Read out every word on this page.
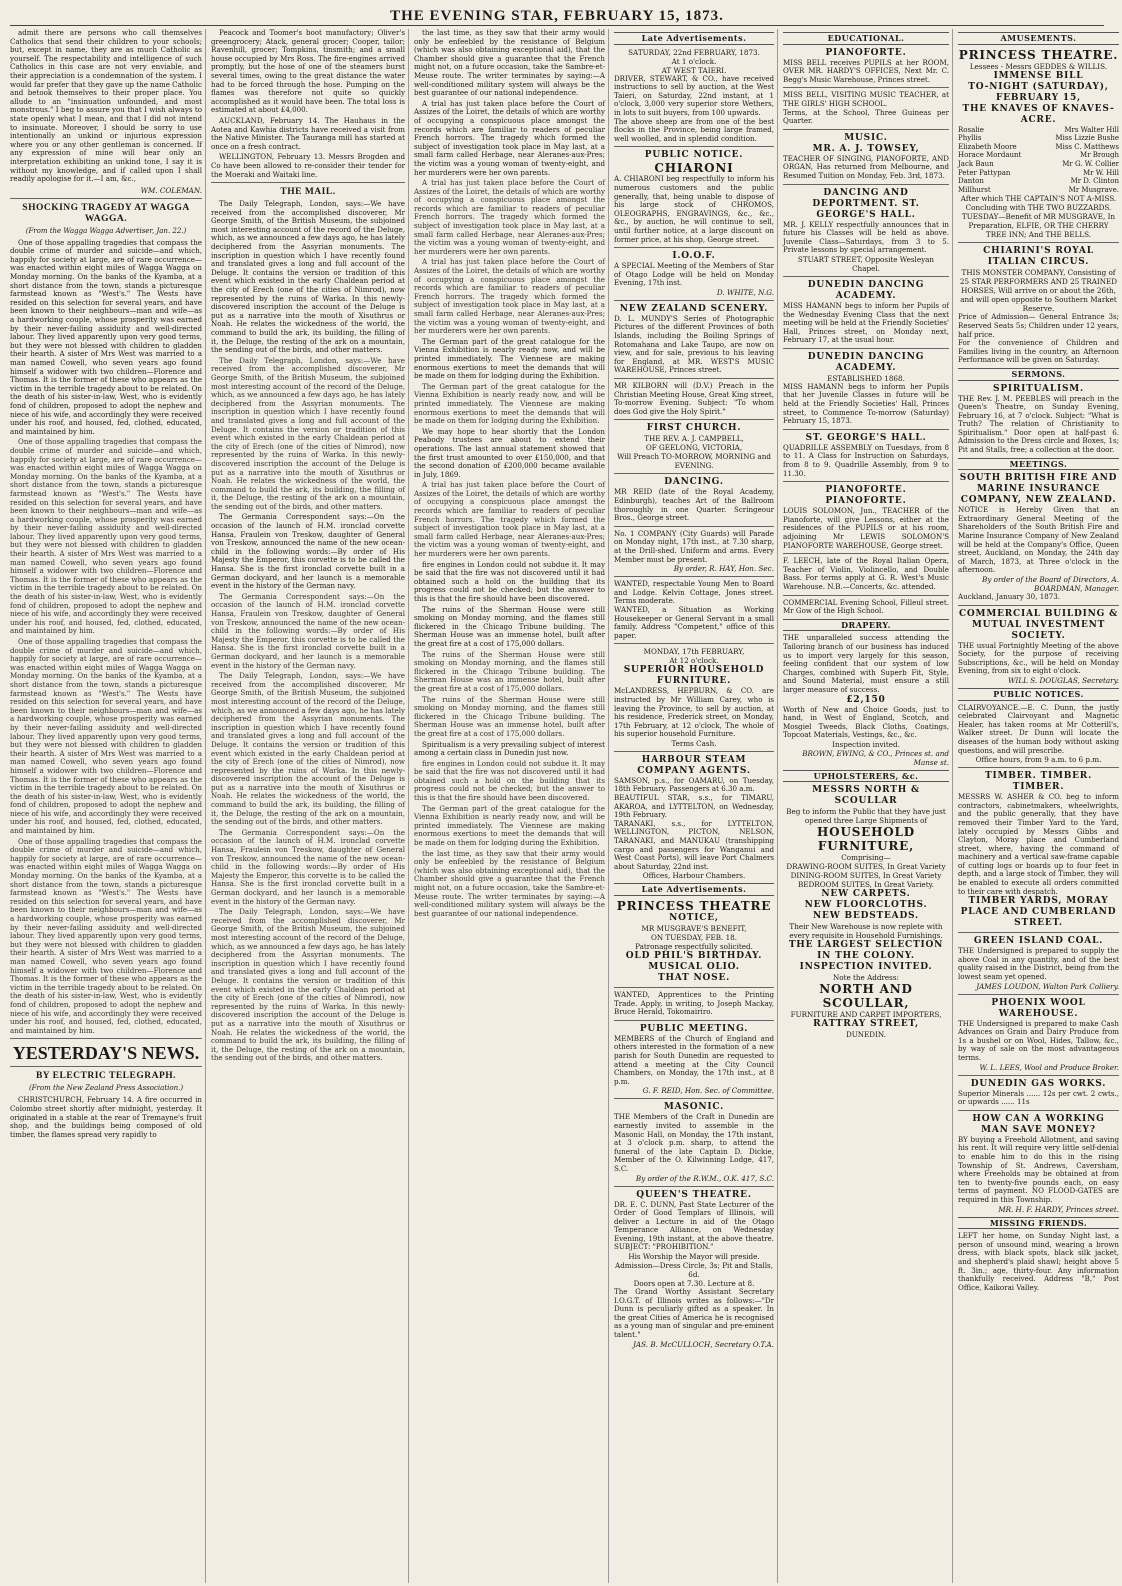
THE EVENING STAR, FEBRUARY 15, 1873.

admit there are persons who call themselves Catholics that send their children to your schools; but, except in name, they are as much Catholic as yourself. The respectability and intelligence of such Catholics in this case are not very enviable, and their appreciation is a condemnation of the system. I would far prefer that they gave up the name Catholic and betook themselves to their proper place. You allude to an "insinuation unfounded, and most monstrous." I beg to assure you that I wish always to state openly what I mean, and that I did not intend to insinuate. Moreover, I should be sorry to use intentionally an unkind or injurious expression where you or any other gentleman is concerned. If any expression of mine will bear only an interpretation exhibiting an unkind tone, I say it is without my knowledge, and if called upon I shall readily apologise for it.—I am, &c.,

WM. COLEMAN.
SHOCKING TRAGEDY AT WAGGA WAGGA.
(From the Wagga Wagga Advertiser, Jan. 22.)

One of those appalling tragedies that compass the double crime of murder and suicide—and which, happily for society at large, are of rare occurrence—was enacted within eight miles of Wagga Wagga on Monday morning. On the banks of the Kyamba, at a short distance from the town, stands a picturesque farmstead known as "West's." The Wests have resided on this selection for several years, and have been known to their neighbours—man and wife—as a hardworking couple, whose prosperity was earned by their never-failing assiduity and well-directed labour. They lived apparently upon very good terms, but they were not blessed with children to gladden their hearth. A sister of Mrs West was married to a man named Cowell, who seven years ago found himself a widower with two children—Florence and Thomas. It is the former of these who appears as the victim in the terrible tragedy about to be related. On the death of his sister-in-law, West, who is evidently fond of children, proposed to adopt the nephew and niece of his wife, and accordingly they were received under his roof, and housed, fed, clothed, educated, and maintained by him.

One of those appalling tragedies that compass the double crime of murder and suicide—and which, happily for society at large, are of rare occurrence—was enacted within eight miles of Wagga Wagga on Monday morning. On the banks of the Kyamba, at a short distance from the town, stands a picturesque farmstead known as "West's." The Wests have resided on this selection for several years, and have been known to their neighbours—man and wife—as a hardworking couple, whose prosperity was earned by their never-failing assiduity and well-directed labour. They lived apparently upon very good terms, but they were not blessed with children to gladden their hearth. A sister of Mrs West was married to a man named Cowell, who seven years ago found himself a widower with two children—Florence and Thomas. It is the former of these who appears as the victim in the terrible tragedy about to be related. On the death of his sister-in-law, West, who is evidently fond of children, proposed to adopt the nephew and niece of his wife, and accordingly they were received under his roof, and housed, fed, clothed, educated, and maintained by him.

One of those appalling tragedies that compass the double crime of murder and suicide—and which, happily for society at large, are of rare occurrence—was enacted within eight miles of Wagga Wagga on Monday morning. On the banks of the Kyamba, at a short distance from the town, stands a picturesque farmstead known as "West's." The Wests have resided on this selection for several years, and have been known to their neighbours—man and wife—as a hardworking couple, whose prosperity was earned by their never-failing assiduity and well-directed labour. They lived apparently upon very good terms, but they were not blessed with children to gladden their hearth. A sister of Mrs West was married to a man named Cowell, who seven years ago found himself a widower with two children—Florence and Thomas. It is the former of these who appears as the victim in the terrible tragedy about to be related. On the death of his sister-in-law, West, who is evidently fond of children, proposed to adopt the nephew and niece of his wife, and accordingly they were received under his roof, and housed, fed, clothed, educated, and maintained by him.

One of those appalling tragedies that compass the double crime of murder and suicide—and which, happily for society at large, are of rare occurrence—was enacted within eight miles of Wagga Wagga on Monday morning. On the banks of the Kyamba, at a short distance from the town, stands a picturesque farmstead known as "West's." The Wests have resided on this selection for several years, and have been known to their neighbours—man and wife—as a hardworking couple, whose prosperity was earned by their never-failing assiduity and well-directed labour. They lived apparently upon very good terms, but they were not blessed with children to gladden their hearth. A sister of Mrs West was married to a man named Cowell, who seven years ago found himself a widower with two children—Florence and Thomas. It is the former of these who appears as the victim in the terrible tragedy about to be related. On the death of his sister-in-law, West, who is evidently fond of children, proposed to adopt the nephew and niece of his wife, and accordingly they were received under his roof, and housed, fed, clothed, educated, and maintained by him.

YESTERDAY'S NEWS.
BY ELECTRIC TELEGRAPH.
(From the New Zealand Press Association.)

CHRISTCHURCH, February 14. A fire occurred in Colombo street shortly after midnight, yesterday. It originated in a stable at the rear of Tremayne's fruit shop, and the buildings being composed of old timber, the flames spread very rapidly to

Peacock and Toomer's boot manufactory; Oliver's greengrocery; Atack, general grocer; Cooper, tailor; Ravenhill, grocer; Tompkins, tinsmith; and a small house occupied by Mrs Ross. The fire-engines arrived promptly, but the hose of one of the steamers burst several times, owing to the great distance the water had to be forced through the hose. Pumping on the flames was therefore not quite so quickly accomplished as it would have been. The total loss is estimated at about £4,000.

AUCKLAND, February 14. The Hauhaus in the Aotea and Kawhia districts have received a visit from the Native Minister. The Tauranga mill has started at once on a fresh contract.

WELLINGTON, February 13. Messrs Brogden and Co have been allowed to re-consider their tender for the Moeraki and Waitaki line.

THE MAIL.

The Daily Telegraph, London, says:—We have received from the accomplished discoverer, Mr George Smith, of the British Museum, the subjoined most interesting account of the record of the Deluge, which, as we announced a few days ago, he has lately deciphered from the Assyrian monuments. The inscription in question which I have recently found and translated gives a long and full account of the Deluge. It contains the version or tradition of this event which existed in the early Chaldean period at the city of Erech (one of the cities of Nimrod), now represented by the ruins of Warka. In this newly-discovered inscription the account of the Deluge is put as a narrative into the mouth of Xisuthrus or Noah. He relates the wickedness of the world, the command to build the ark, its building, the filling of it, the Deluge, the resting of the ark on a mountain, the sending out of the birds, and other matters.

The Daily Telegraph, London, says:—We have received from the accomplished discoverer, Mr George Smith, of the British Museum, the subjoined most interesting account of the record of the Deluge, which, as we announced a few days ago, he has lately deciphered from the Assyrian monuments. The inscription in question which I have recently found and translated gives a long and full account of the Deluge. It contains the version or tradition of this event which existed in the early Chaldean period at the city of Erech (one of the cities of Nimrod), now represented by the ruins of Warka. In this newly-discovered inscription the account of the Deluge is put as a narrative into the mouth of Xisuthrus or Noah. He relates the wickedness of the world, the command to build the ark, its building, the filling of it, the Deluge, the resting of the ark on a mountain, the sending out of the birds, and other matters.

The Germania Correspondent says:—On the occasion of the launch of H.M. ironclad corvette Hansa, Fraulein von Treskow, daughter of General von Treskow, announced the name of the new ocean-child in the following words:—By order of His Majesty the Emperor, this corvette is to be called the Hansa. She is the first ironclad corvette built in a German dockyard, and her launch is a memorable event in the history of the German navy.

The Germania Correspondent says:—On the occasion of the launch of H.M. ironclad corvette Hansa, Fraulein von Treskow, daughter of General von Treskow, announced the name of the new ocean-child in the following words:—By order of His Majesty the Emperor, this corvette is to be called the Hansa. She is the first ironclad corvette built in a German dockyard, and her launch is a memorable event in the history of the German navy.

The Daily Telegraph, London, says:—We have received from the accomplished discoverer, Mr George Smith, of the British Museum, the subjoined most interesting account of the record of the Deluge, which, as we announced a few days ago, he has lately deciphered from the Assyrian monuments. The inscription in question which I have recently found and translated gives a long and full account of the Deluge. It contains the version or tradition of this event which existed in the early Chaldean period at the city of Erech (one of the cities of Nimrod), now represented by the ruins of Warka. In this newly-discovered inscription the account of the Deluge is put as a narrative into the mouth of Xisuthrus or Noah. He relates the wickedness of the world, the command to build the ark, its building, the filling of it, the Deluge, the resting of the ark on a mountain, the sending out of the birds, and other matters.

The Germania Correspondent says:—On the occasion of the launch of H.M. ironclad corvette Hansa, Fraulein von Treskow, daughter of General von Treskow, announced the name of the new ocean-child in the following words:—By order of His Majesty the Emperor, this corvette is to be called the Hansa. She is the first ironclad corvette built in a German dockyard, and her launch is a memorable event in the history of the German navy.

The Daily Telegraph, London, says:—We have received from the accomplished discoverer, Mr George Smith, of the British Museum, the subjoined most interesting account of the record of the Deluge, which, as we announced a few days ago, he has lately deciphered from the Assyrian monuments. The inscription in question which I have recently found and translated gives a long and full account of the Deluge. It contains the version or tradition of this event which existed in the early Chaldean period at the city of Erech (one of the cities of Nimrod), now represented by the ruins of Warka. In this newly-discovered inscription the account of the Deluge is put as a narrative into the mouth of Xisuthrus or Noah. He relates the wickedness of the world, the command to build the ark, its building, the filling of it, the Deluge, the resting of the ark on a mountain, the sending out of the birds, and other matters.

the last time, as they saw that their army would only be enfeebled by the resistance of Belgium (which was also obtaining exceptional aid), that the Chamber should give a guarantee that the French might not, on a future occasion, take the Sambre-et-Meuse route. The writer terminates by saying:—A well-conditioned military system will always be the best guarantee of our national independence.

A trial has just taken place before the Court of Assizes of the Loiret, the details of which are worthy of occupying a conspicuous place amongst the records which are familiar to readers of peculiar French horrors. The tragedy which formed the subject of investigation took place in May last, at a small farm called Herbage, near Aleranes-aux-Pres; the victim was a young woman of twenty-eight, and her murderers were her own parents.

A trial has just taken place before the Court of Assizes of the Loiret, the details of which are worthy of occupying a conspicuous place amongst the records which are familiar to readers of peculiar French horrors. The tragedy which formed the subject of investigation took place in May last, at a small farm called Herbage, near Aleranes-aux-Pres; the victim was a young woman of twenty-eight, and her murderers were her own parents.

A trial has just taken place before the Court of Assizes of the Loiret, the details of which are worthy of occupying a conspicuous place amongst the records which are familiar to readers of peculiar French horrors. The tragedy which formed the subject of investigation took place in May last, at a small farm called Herbage, near Aleranes-aux-Pres; the victim was a young woman of twenty-eight, and her murderers were her own parents.

The German part of the great catalogue for the Vienna Exhibition is nearly ready now, and will be printed immediately. The Viennese are making enormous exertions to meet the demands that will be made on them for lodging during the Exhibition.

The German part of the great catalogue for the Vienna Exhibition is nearly ready now, and will be printed immediately. The Viennese are making enormous exertions to meet the demands that will be made on them for lodging during the Exhibition.

We may hope to hear shortly that the London Peabody trustees are about to extend their operations. The last annual statement showed that the first trust amounted to over £150,000, and that the second donation of £200,000 became available in July, 1869.

A trial has just taken place before the Court of Assizes of the Loiret, the details of which are worthy of occupying a conspicuous place amongst the records which are familiar to readers of peculiar French horrors. The tragedy which formed the subject of investigation took place in May last, at a small farm called Herbage, near Aleranes-aux-Pres; the victim was a young woman of twenty-eight, and her murderers were her own parents.

fire engines in London could not subdue it. It may be said that the fire was not discovered until it had obtained such a hold on the building that its progress could not be checked; but the answer to this is that the fire should have been discovered.

The ruins of the Sherman House were still smoking on Monday morning, and the flames still flickered in the Chicago Tribune building. The Sherman House was an immense hotel, built after the great fire at a cost of 175,000 dollars.

The ruins of the Sherman House were still smoking on Monday morning, and the flames still flickered in the Chicago Tribune building. The Sherman House was an immense hotel, built after the great fire at a cost of 175,000 dollars.

The ruins of the Sherman House were still smoking on Monday morning, and the flames still flickered in the Chicago Tribune building. The Sherman House was an immense hotel, built after the great fire at a cost of 175,000 dollars.

Spiritualism is a very prevailing subject of interest among a certain class in Dunedin just now.

fire engines in London could not subdue it. It may be said that the fire was not discovered until it had obtained such a hold on the building that its progress could not be checked; but the answer to this is that the fire should have been discovered.

The German part of the great catalogue for the Vienna Exhibition is nearly ready now, and will be printed immediately. The Viennese are making enormous exertions to meet the demands that will be made on them for lodging during the Exhibition.

the last time, as they saw that their army would only be enfeebled by the resistance of Belgium (which was also obtaining exceptional aid), that the Chamber should give a guarantee that the French might not, on a future occasion, take the Sambre-et-Meuse route. The writer terminates by saying:—A well-conditioned military system will always be the best guarantee of our national independence.

Late Advertisements.
SATURDAY, 22nd FEBRUARY, 1873.
At 1 o'clock.
AT WEST TAIERI.
DRIVER, STEWART, & CO., have received instructions to sell by auction, at the West Taieri, on Saturday, 22nd instant, at 1 o'clock, 3,000 very superior store Wethers, in lots to suit buyers, from 100 upwards.
The above sheep are from one of the best flocks in the Province, being large framed, well woolled, and in splendid condition.
PUBLIC NOTICE.
CHIARONI
A. CHIARONI beg respectfully to inform his numerous customers and the public generally, that, being unable to dispose of his large stock of CHROMOS, OLEOGRAPHS, ENGRAVINGS, &c., &c., &c., by auction, he will continue to sell, until further notice, at a large discount on former price, at his shop, George street.
I.O.O.F.
A SPECIAL Meeting of the Members of Star of Otago Lodge will be held on Monday Evening, 17th inst.
D. WHITE, N.G.
NEW ZEALAND SCENERY.
D. L. MUNDY'S Series of Photographic Pictures of the different Provinces of both Islands, including the Boiling Springs of Rotomahana and Lake Taupo, are now on view, and for sale, previous to his leaving for England, at MR. WEST'S MUSIC WAREHOUSE, Princes street.
MR KILBORN will (D.V.) Preach in the Christian Meeting House, Great King street, To-morrow Evening. Subject: "To whom does God give the Holy Spirit."
FIRST CHURCH.
THE REV. A. J. CAMPBELL,
OF GEELONG, VICTORIA,
Will Preach TO-MORROW, MORNING and EVENING.
DANCING.
MR REID (late of the Royal Academy, Edinburgh), teaches Art of the Ballroom thoroughly in one Quarter. Scringeour Bros., George street.
No. 1 COMPANY (City Guards) will Parade on Monday night, 17th inst., at 7.30 sharp, at the Drill-shed. Uniform and arms. Every Member must be present.
By order, R. HAY, Hon. Sec.
WANTED, respectable Young Men to Board and Lodge. Kelvin Cottage, Jones street. Terms moderate.
WANTED, a Situation as Working Housekeeper or General Servant in a small family. Address "Competent," office of this paper.
MONDAY, 17th FEBRUARY,
At 12 o'clock.
SUPERIOR HOUSEHOLD FURNITURE.
McLANDRESS, HEPBURN, & CO. are instructed by Mr William Carey, who is leaving the Province, to sell by auction, at his residence, Frederick street, on Monday, 17th February, at 12 o'clock, The whole of his superior household Furniture.
Terms Cash.
HARBOUR STEAM COMPANY AGENTS.
SAMSON, p.s., for OAMARU, on Tuesday, 18th February. Passengers at 6.30 a.m.
BEAUTIFUL STAR, s.s., for TIMARU, AKAROA, and LYTTELTON, on Wednesday, 19th February.
TARANAKI, s.s., for LYTTELTON, WELLINGTON, PICTON, NELSON, TARANAKI, and MANUKAU (transhipping cargo and passengers for Wanganui and West Coast Ports), will leave Port Chalmers about Saturday, 22nd inst.
Offices, Harbour Chambers.
Late Advertisements.
PRINCESS THEATRE
NOTICE,
MR MUSGRAVE'S BENEFIT,
ON TUESDAY, FEB. 18.
Patronage respectfully solicited.
OLD PHIL'S BIRTHDAY.
MUSICAL OLIO.
THAT NOSE.
WANTED, Apprentices to the Printing Trade. Apply, in writing, to Joseph Mackay, Bruce Herald, Tokomairiro.
PUBLIC MEETING.
MEMBERS of the Church of England and others interested in the formation of a new parish for South Dunedin are requested to attend a meeting at the City Council Chambers, on Monday, the 17th inst., at 8 p.m.
G. F. REID, Hon. Sec. of Committee.
MASONIC.
THE Members of the Craft in Dunedin are earnestly invited to assemble in the Masonic Hall, on Monday, the 17th instant, at 3 o'clock p.m. sharp, to attend the funeral of the late Captain D. Dickie, Member of the O. Kilwinning Lodge, 417, S.C.
By order of the R.W.M., O.K. 417, S.C.
QUEEN'S THEATRE.
DR. E. C. DUNN, Past State Lecturer of the Order of Good Templars of Illinois, will deliver a Lecture in aid of the Otago Temperance Alliance, on Wednesday Evening, 19th instant, at the above theatre. SUBJECT: "PROHIBITION."
His Worship the Mayor will preside.
Admission—Dress Circle, 3s; Pit and Stalls, 6d.
Doors open at 7.30. Lecture at 8.
The Grand Worthy Assistant Secretary I.O.G.T. of Illinois writes as follows:—"Dr Dunn is peculiarly gifted as a speaker. In the great Cities of America he is recognised as a young man of singular and pre-eminent talent."
JAS. B. McCULLOCH, Secretary O.T.A.
EDUCATIONAL.
PIANOFORTE.
MISS BELL receives PUPILS at her ROOM, OVER MR. HARDY'S OFFICES, Next Mr. C. Begg's Music Warehouse, Princes street.
MISS BELL, VISITING MUSIC TEACHER, at THE GIRLS' HIGH SCHOOL.
Terms, at the School, Three Guineas per Quarter.
MUSIC.
MR. A. J. TOWSEY,
TEACHER OF SINGING, PIANOFORTE, AND ORGAN, Has returned from Melbourne, and Resumed Tuition on Monday, Feb. 3rd, 1873.
DANCING AND DEPORTMENT. ST. GEORGE'S HALL.
MR. J. KELLY respectfully announces that in future his Classes will be held as above. Juvenile Class—Saturdays, from 3 to 5. Private lessons by special arrangement.
STUART STREET, Opposite Wesleyan Chapel.
DUNEDIN DANCING ACADEMY.
MISS HAMANN begs to inform her Pupils of the Wednesday Evening Class that the next meeting will be held at the Friendly Societies' Hall, Princes street, on Monday next, February 17, at the usual hour.
DUNEDIN DANCING ACADEMY.
ESTABLISHED 1868.
MISS HAMANN begs to inform her Pupils that her Juvenile Classes in future will be held at the Friendly Societies' Hall, Princes street, to Commence To-morrow (Saturday) February 15, 1873.
ST. GEORGE'S HALL.
QUADRILLE ASSEMBLY on Tuesdays, from 8 to 11. A Class for Instruction on Saturdays, from 8 to 9. Quadrille Assembly, from 9 to 11.30.
PIANOFORTE. PIANOFORTE.
LOUIS SOLOMON, Jun., TEACHER of the Pianoforte, will give Lessons, either at the residences of the PUPILS or at his room, adjoining Mr LEWIS SOLOMON'S PIANOFORTE WAREHOUSE, George street.
F. LEECH, late of the Royal Italian Opera, Teacher of Violin, Violincello, and Double Bass. For terms apply at G. R. West's Music Warehouse. N.B.—Concerts, &c. attended.
COMMERCIAL Evening School, Filleul street. Mr Gow of the High School.
DRAPERY.
THE unparalleled success attending the Tailoring branch of our business has induced us to import very largely for this season, feeling confident that our system of low Charges, combined with Superb Fit, Style, and Sound Material, must ensure a still larger measure of success.
£2,150
Worth of New and Choice Goods, just to hand, in West of England, Scotch, and Mosgiel Tweeds, Black Cloths, Coatings, Topcoat Materials, Vestings, &c., &c.
Inspection invited.
BROWN, EWING, & CO., Princes st. and Manse st.
UPHOLSTERERS, &c.
MESSRS NORTH & SCOULLAR
Beg to inform the Public that they have just opened three Large Shipments of
HOUSEHOLD FURNITURE,
Comprising—
DRAWING-ROOM SUITES, In Great Variety
DINING-ROOM SUITES, In Great Variety
BEDROOM SUITES, In Great Variety.
NEW CARPETS.
NEW FLOORCLOTHS.
NEW BEDSTEADS.
Their New Warehouse is now replete with every requisite in Household Furnishings.
THE LARGEST SELECTION IN THE COLONY.
INSPECTION INVITED.
Note the Address:
NORTH AND SCOULLAR,
FURNITURE AND CARPET IMPORTERS,
RATTRAY STREET,
DUNEDIN.
AMUSEMENTS.
PRINCESS THEATRE.
Lessees - Messrs GEDDES & WILLIS.
IMMENSE BILL
TO-NIGHT (SATURDAY), FEBRUARY 15,
THE KNAVES OF KNAVES-ACRE.
Rosalie	Mrs Walter Hill
Phyllis	Miss Lizzie Bushe
Elizabeth Moore	Miss C. Matthews
Horace Mordaunt	Mr Brough
Jack Baun	Mr G. W. Collier
Peter Pattypan	Mr W. Hill
Danton	Mr D. Clinton
Millhurst	Mr Musgrave.
After which THE CAPTAIN'S NOT A-MISS. Concluding with THE TWO BUZZARDS.
TUESDAY—Benefit of MR MUSGRAVE, In Preparation, ELFIE, OR THE CHERRY TREE INN; And THE BELLS.
CHIARINI'S ROYAL ITALIAN CIRCUS.
THIS MONSTER COMPANY, Consisting of 25 STAR PERFORMERS AND 25 TRAINED HORSES, Will arrive on or about the 26th, and will open opposite to Southern Market Reserve.
Price of Admission— General Entrance 3s; Reserved Seats 5s; Children under 12 years, half price.
For the convenience of Children and Families living in the country, an Afternoon Performance will be given on Saturday.
SERMONS.
SPIRITUALISM.
THE Rev. J. M. PEEBLES will preach in the Queen's Theatre, on Sunday Evening, February 16, at 7 o'clock. Subject: "What is Truth? The relation of Christianity to Spiritualism." Door open at half-past 6. Admission to the Dress circle and Boxes, 1s; Pit and Stalls, free; a collection at the door.
MEETINGS.
SOUTH BRITISH FIRE AND MARINE INSURANCE COMPANY, NEW ZEALAND.
NOTICE is Hereby Given that an Extraordinary General Meeting of the Shareholders of the South British Fire and Marine Insurance Company of New Zealand will be held at the Company's Office, Queen street, Auckland, on Monday, the 24th day of March, 1873, at Three o'clock in the afternoon.
By order of the Board of Directors, A. BOARDMAN, Manager.
Auckland, January 30, 1873.
COMMERCIAL BUILDING & MUTUAL INVESTMENT SOCIETY.
THE usual Fortnightly Meeting of the above Society, for the purpose of receiving Subscriptions, &c., will be held on Monday Evening, from six to eight o'clock.
WILL S. DOUGLAS, Secretary.
PUBLIC NOTICES.
CLAIRVOYANCE.—E. C. Dunn, the justly celebrated Clairvoyant and Magnetic Healer, has taken rooms at Mr Cotterill's, Walker street. Dr Dunn will locate the diseases of the human body without asking questions, and will prescribe.
Office hours, from 9 a.m. to 6 p.m.
TIMBER. TIMBER. TIMBER.
MESSRS W. ASHER & CO. beg to inform contractors, cabinetmakers, wheelwrights, and the public generally, that they have removed their Timber Yard to the Yard, lately occupied by Messrs Gibbs and Clayton, Moray place and Cumberland street, where, having the command of machinery and a vertical saw-frame capable of cutting logs or boards up to four feet in depth, and a large stock of Timber, they will be enabled to execute all orders committed to their care with despatch.
TIMBER YARDS, MORAY PLACE AND CUMBERLAND STREET.
GREEN ISLAND COAL.
THE Undersigned is prepared to supply the above Coal in any quantity, and of the best quality raised in the District, being from the lowest seam yet opened.
JAMES LOUDON, Walton Park Colliery.
PHOENIX WOOL WAREHOUSE.
THE Undersigned is prepared to make Cash Advances on Grain and Dairy Produce from 1s a bushel or on Wool, Hides, Tallow, &c., by way of sale on the most advantageous terms.
W. L. LEES, Wool and Produce Broker.
DUNEDIN GAS WORKS.
Superior Minerals ...... 12s per cwt. 2 cwts., or upwards ...... 11s
HOW CAN A WORKING MAN SAVE MONEY?
BY buying a Freehold Allotment, and saving his rent. It will require very little self-denial to enable him to do this in the rising Township of St. Andrews, Caversham, where Freeholds may be obtained at from ten to twenty-five pounds each, on easy terms of payment. NO FLOOD-GATES are required in this Township.
MR. H. F. HARDY, Princes street.
MISSING FRIENDS.
LEFT her home, on Sunday Night last, a person of unsound mind, wearing a brown dress, with black spots, black silk jacket, and shepherd's plaid shawl; height above 5 ft. 3in.; age, thirty-four. Any information thankfully received. Address "B," Post Office, Kaikorai Valley.
